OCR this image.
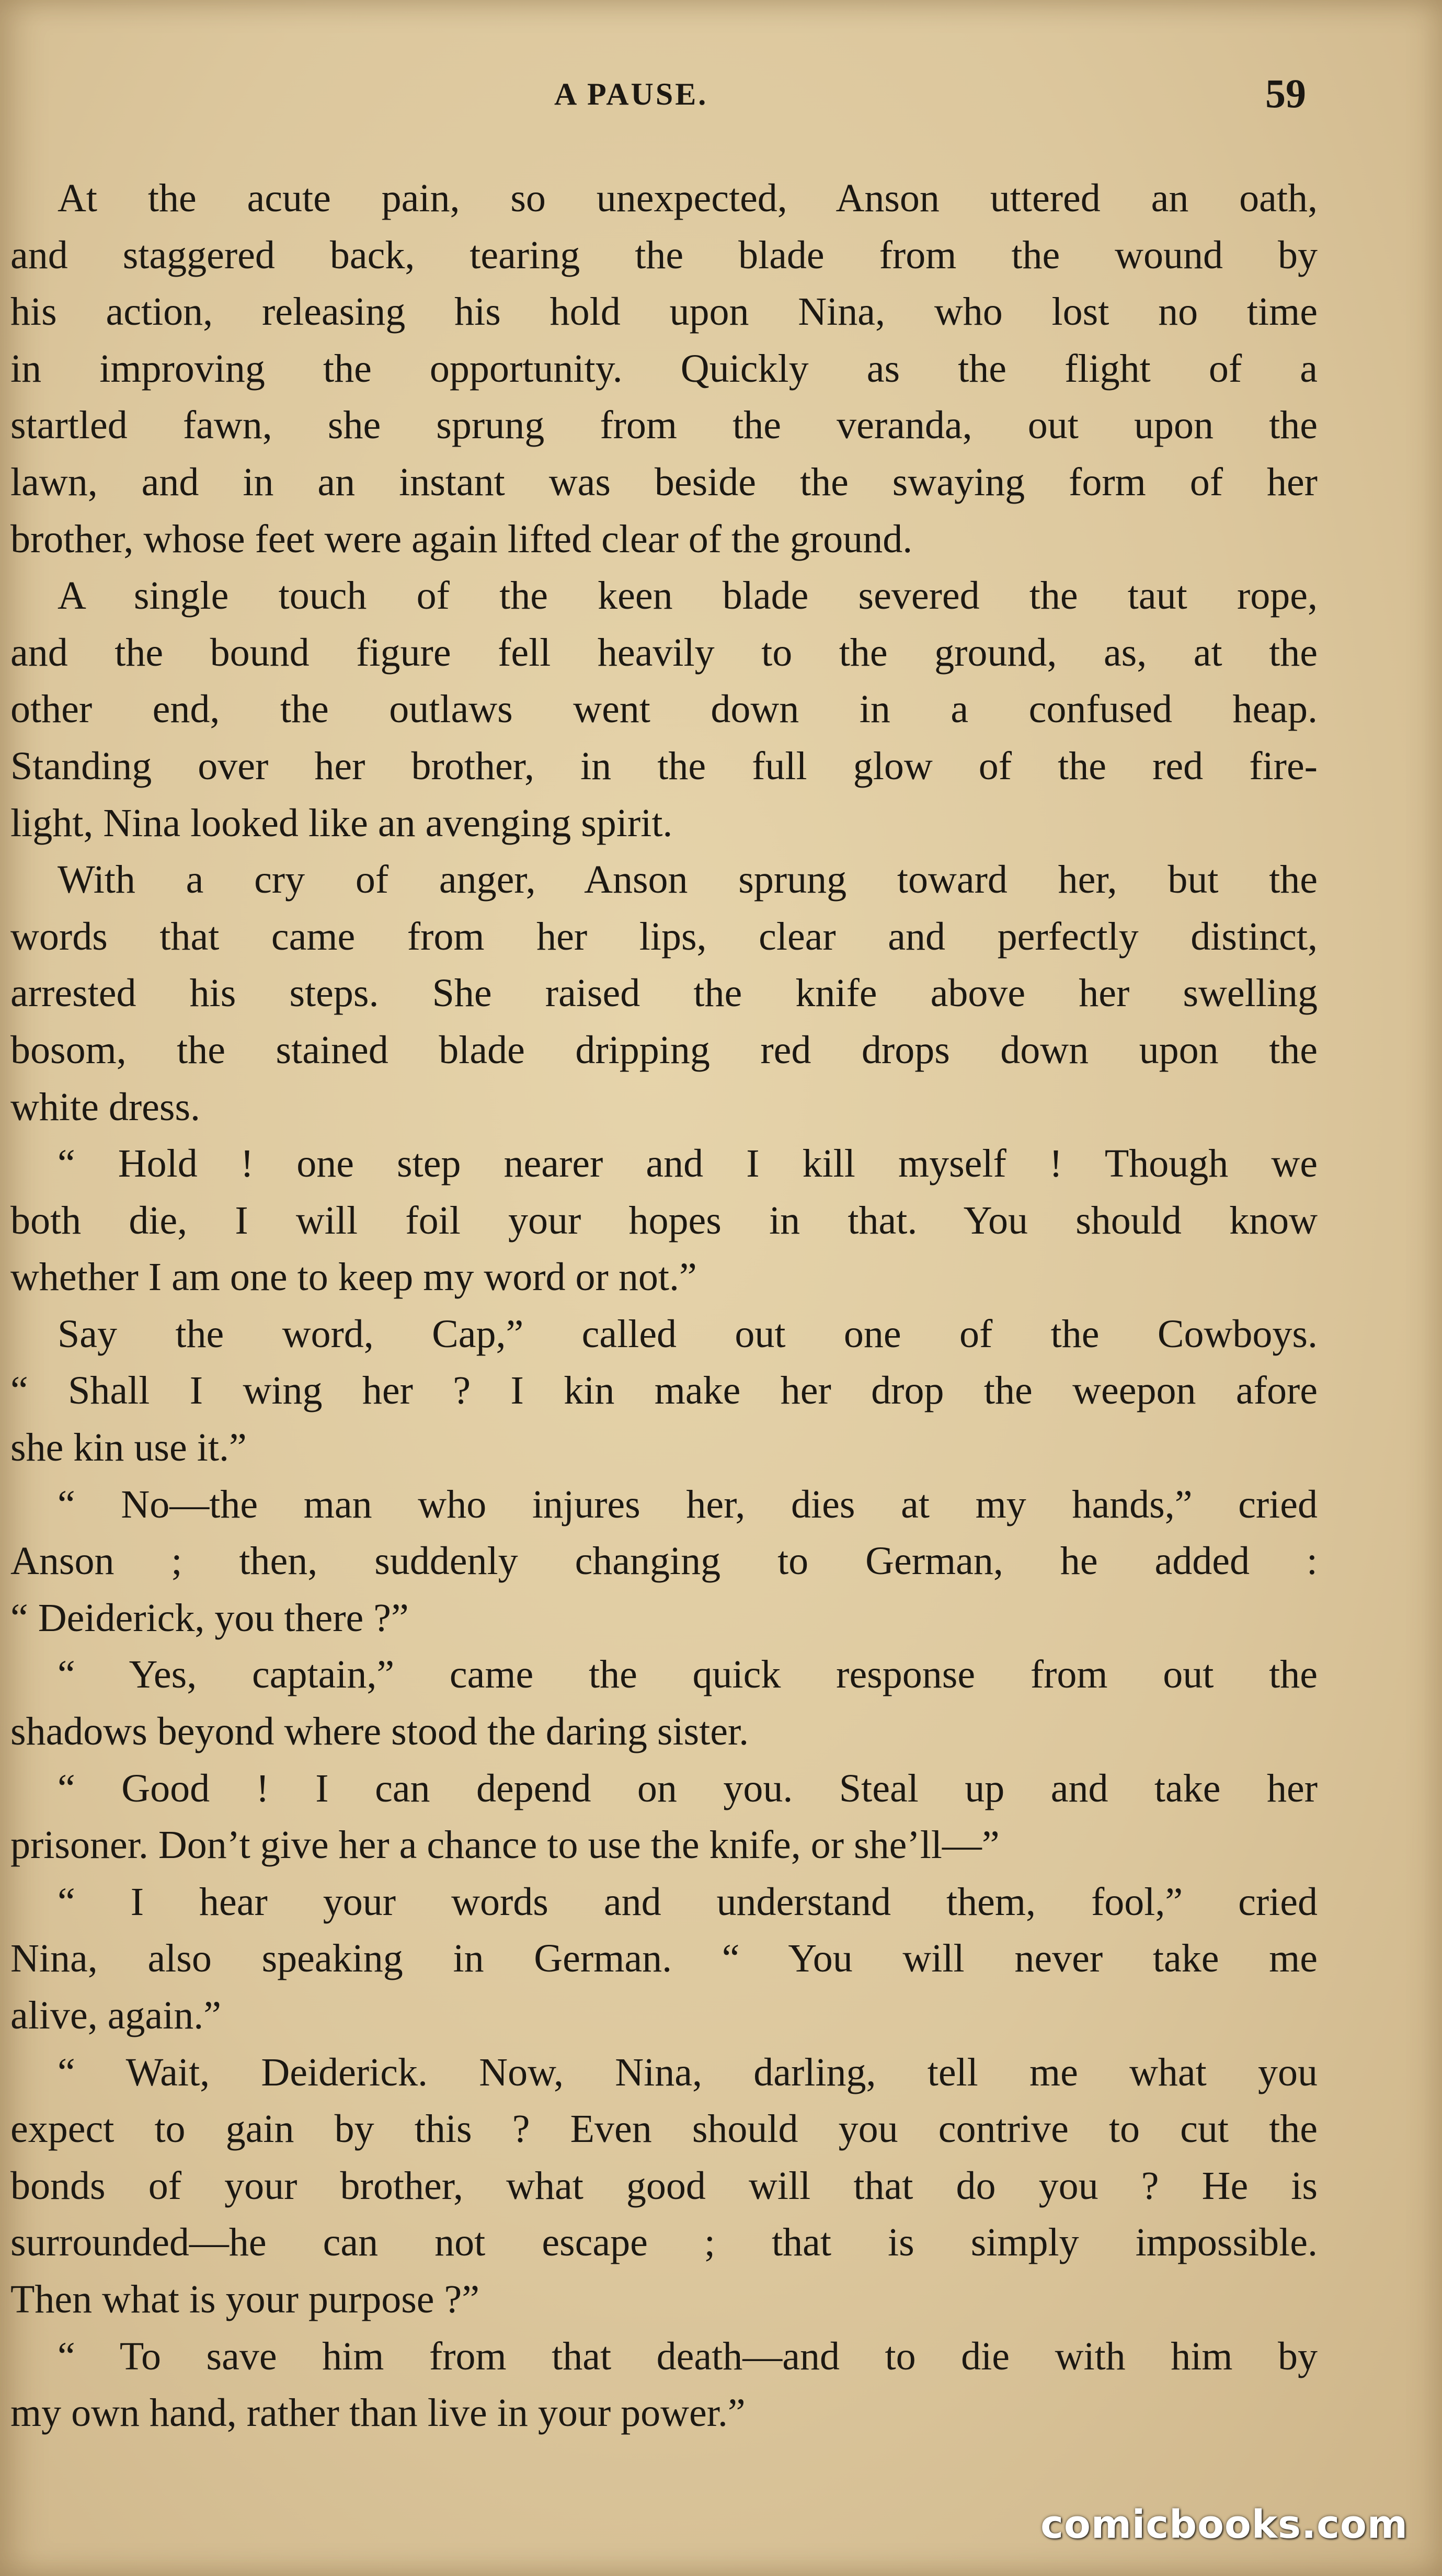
A PAUSE.	59
At the acute pain, so unexpected, Anson uttered an oath,
and staggered back, tearing the blade from the wound by
his action, releasing his hold upon Nina, who lost no time
in improving the opportunity. Quickly as the flight of a
startled fawn, she sprung from the veranda, out upon the
lawn, and in an instant was beside the swaying form of her
brother, whose feet were again lifted clear of the ground.
A single touch of the keen blade severed the taut rope,
and the bound figure fell heavily to the ground, as, at the
other end, the outlaws went down in a confused heap.
Standing over her brother, in the full glow of the red fire-
light, Nina looked like an avenging spirit.
With a cry of anger, Anson sprung toward her, but the
words that came from her lips, clear and perfectly distinct,
arrested his steps. She raised the knife above her swelling
bosom, the stained blade dripping red drops down upon the
white dress.
“ Hold ! one step nearer and I kill myself ! Though we
both die, I will foil your hopes in that. You should know
whether I am one to keep my word or not.”
Say the word, Cap,” called out one of the Cowboys.
“ Shall I wing her ? I kin make her drop the weepon afore
she kin use it.”
“ No—the man who injures her, dies at my hands,” cried
Anson ; then, suddenly changing to German, he added :
“ Deiderick, you there ?”
“ Yes, captain,” came the quick response from out the
shadows beyond where stood the daring sister.
“ Good ! I can depend on you. Steal up and take her
prisoner. Don’t give her a chance to use the knife, or she’ll—”
“ I hear your words and understand them, fool,” cried
Nina, also speaking in German. “ You will never take me
alive, again.”
“ Wait, Deiderick. Now, Nina, darling, tell me what you
expect to gain by this ? Even should you contrive to cut the
bonds of your brother, what good will that do you ? He is
surrounded—he can not escape ; that is simply impossible.
Then what is your purpose ?”
“ To save him from that death—and to die with him by
my own hand, rather than live in your power.”
comicbooks.com
